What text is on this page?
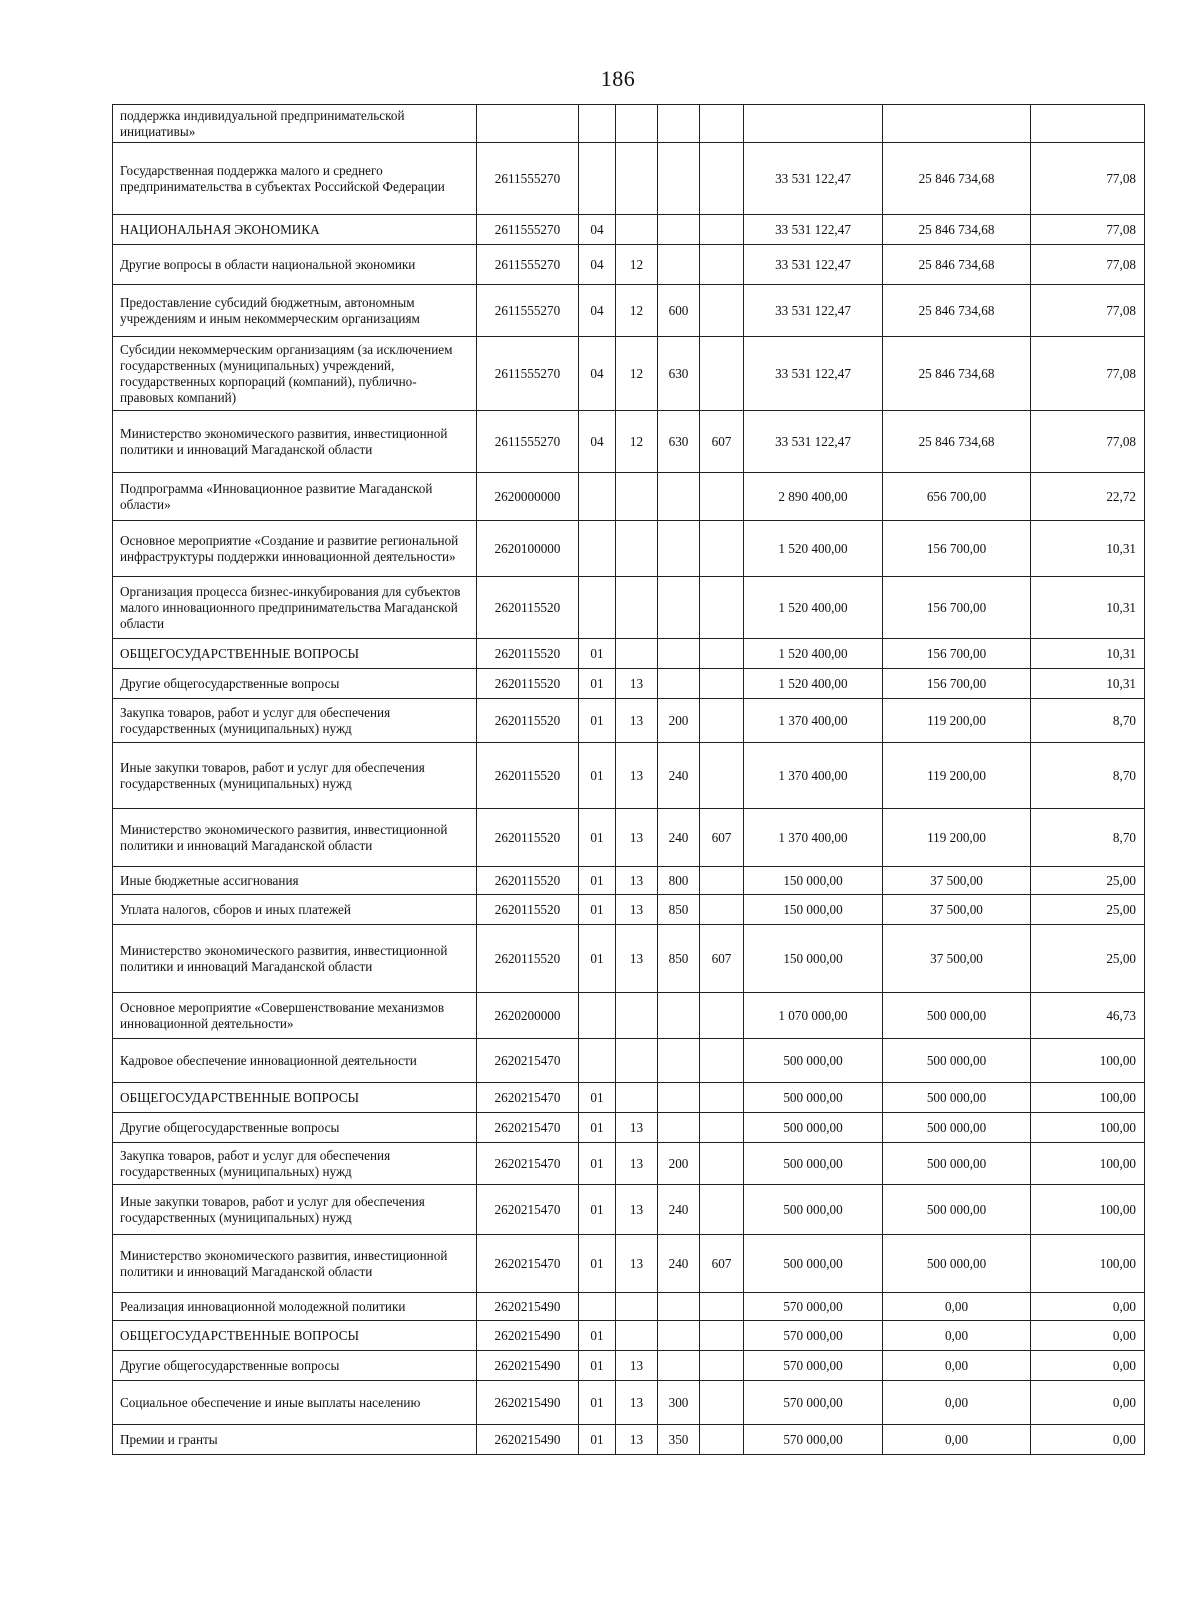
186
поддержка индивидуальной предпринимательской инициативы»								
Государственная поддержка малого и среднего предпринимательства в субъектах Российской Федерации	2611555270					33 531 122,47	25 846 734,68	77,08
НАЦИОНАЛЬНАЯ ЭКОНОМИКА	2611555270	04				33 531 122,47	25 846 734,68	77,08
Другие вопросы в области национальной экономики	2611555270	04	12			33 531 122,47	25 846 734,68	77,08
Предоставление субсидий бюджетным, автономным учреждениям и иным некоммерческим организациям	2611555270	04	12	600		33 531 122,47	25 846 734,68	77,08
Субсидии некоммерческим организациям (за исключением государственных (муниципальных) учреждений, государственных корпораций (компаний), публично-правовых компаний)	2611555270	04	12	630		33 531 122,47	25 846 734,68	77,08
Министерство экономического развития, инвестиционной политики и инноваций Магаданской области	2611555270	04	12	630	607	33 531 122,47	25 846 734,68	77,08
Подпрограмма «Инновационное развитие Магаданской области»	2620000000					2 890 400,00	656 700,00	22,72
Основное мероприятие «Создание и развитие региональной инфраструктуры поддержки инновационной деятельности»	2620100000					1 520 400,00	156 700,00	10,31
Организация процесса бизнес-инкубирования для субъектов малого инновационного предпринимательства Магаданской области	2620115520					1 520 400,00	156 700,00	10,31
ОБЩЕГОСУДАРСТВЕННЫЕ ВОПРОСЫ	2620115520	01				1 520 400,00	156 700,00	10,31
Другие общегосударственные вопросы	2620115520	01	13			1 520 400,00	156 700,00	10,31
Закупка товаров, работ и услуг для обеспечения государственных (муниципальных) нужд	2620115520	01	13	200		1 370 400,00	119 200,00	8,70
Иные закупки товаров, работ и услуг для обеспечения государственных (муниципальных) нужд	2620115520	01	13	240		1 370 400,00	119 200,00	8,70
Министерство экономического развития, инвестиционной политики и инноваций Магаданской области	2620115520	01	13	240	607	1 370 400,00	119 200,00	8,70
Иные бюджетные ассигнования	2620115520	01	13	800		150 000,00	37 500,00	25,00
Уплата налогов, сборов и иных платежей	2620115520	01	13	850		150 000,00	37 500,00	25,00
Министерство экономического развития, инвестиционной политики и инноваций Магаданской области	2620115520	01	13	850	607	150 000,00	37 500,00	25,00
Основное мероприятие «Совершенствование механизмов инновационной деятельности»	2620200000					1 070 000,00	500 000,00	46,73
Кадровое обеспечение инновационной деятельности	2620215470					500 000,00	500 000,00	100,00
ОБЩЕГОСУДАРСТВЕННЫЕ ВОПРОСЫ	2620215470	01				500 000,00	500 000,00	100,00
Другие общегосударственные вопросы	2620215470	01	13			500 000,00	500 000,00	100,00
Закупка товаров, работ и услуг для обеспечения государственных (муниципальных) нужд	2620215470	01	13	200		500 000,00	500 000,00	100,00
Иные закупки товаров, работ и услуг для обеспечения государственных (муниципальных) нужд	2620215470	01	13	240		500 000,00	500 000,00	100,00
Министерство экономического развития, инвестиционной политики и инноваций Магаданской области	2620215470	01	13	240	607	500 000,00	500 000,00	100,00
Реализация инновационной молодежной политики	2620215490					570 000,00	0,00	0,00
ОБЩЕГОСУДАРСТВЕННЫЕ ВОПРОСЫ	2620215490	01				570 000,00	0,00	0,00
Другие общегосударственные вопросы	2620215490	01	13			570 000,00	0,00	0,00
Социальное обеспечение и иные выплаты населению	2620215490	01	13	300		570 000,00	0,00	0,00
Премии и гранты	2620215490	01	13	350		570 000,00	0,00	0,00
